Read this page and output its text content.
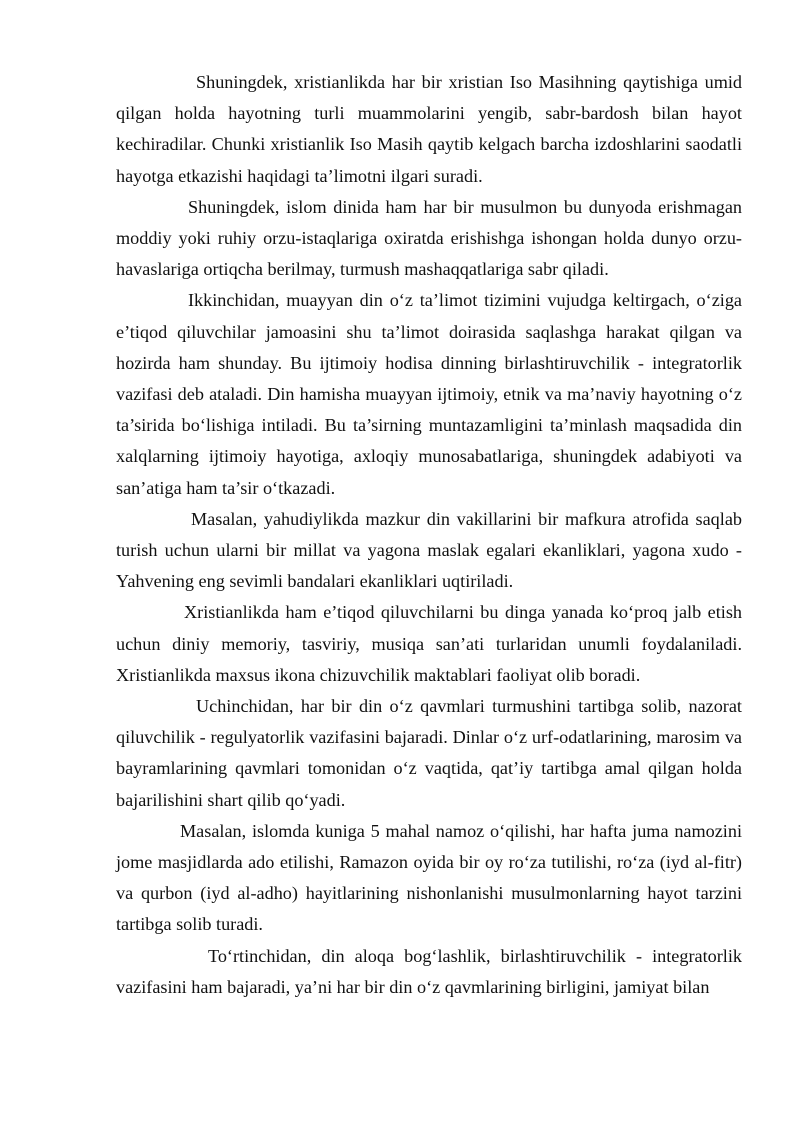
Shuningdek, xristianlikda har bir xristian Iso Masihning qaytishiga umid qilgan holda hayotning turli muammolarini yengib, sabr-bardosh bilan hayot kechiradilar. Chunki xristianlik Iso Masih qaytib kelgach barcha izdoshlarini saodatli hayotga etkazishi haqidagi ta’limotni ilgari suradi.

Shuningdek, islom dinida ham har bir musulmon bu dunyoda erishmagan moddiy yoki ruhiy orzu-istaqlariga oxiratda erishishga ishongan holda dunyo orzu-havaslariga ortiqcha berilmay, turmush mashaqqatlariga sabr qiladi.

Ikkinchidan, muayyan din o‘z ta’limot tizimini vujudga keltirgach, o‘ziga e’tiqod qiluvchilar jamoasini shu ta’limot doirasida saqlashga harakat qilgan va hozirda ham shunday. Bu ijtimoiy hodisa dinning birlashtiruvchilik - integratorlik vazifasi deb ataladi. Din hamisha muayyan ijtimoiy, etnik va ma’naviy hayotning o‘z ta’sirida bo‘lishiga intiladi. Bu ta’sirning muntazamligini ta’minlash maqsadida din xalqlarning ijtimoiy hayotiga, axloqiy munosabatlariga, shuningdek adabiyoti va san’atiga ham ta’sir o‘tkazadi.

Masalan, yahudiylikda mazkur din vakillarini bir mafkura atrofida saqlab turish uchun ularni bir millat va yagona maslak egalari ekanliklari, yagona xudo - Yahvening eng sevimli bandalari ekanliklari uqtiriladi.

Xristianlikda ham e’tiqod qiluvchilarni bu dinga yanada ko‘proq jalb etish uchun diniy memoriy, tasviriy, musiqa san’ati turlaridan unumli foydalaniladi. Xristianlikda maxsus ikona chizuvchilik maktablari faoliyat olib boradi.

Uchinchidan, har bir din o‘z qavmlari turmushini tartibga solib, nazorat qiluvchilik - regulyatorlik vazifasini bajaradi. Dinlar o‘z urf-odatlarining, marosim va bayramlarining qavmlari tomonidan o‘z vaqtida, qat’iy tartibga amal qilgan holda bajarilishini shart qilib qo‘yadi.

Masalan, islomda kuniga 5 mahal namoz o‘qilishi, har hafta juma namozini jome masjidlarda ado etilishi, Ramazon oyida bir oy ro‘za tutilishi, ro‘za (iyd al-fitr) va qurbon (iyd al-adho) hayitlarining nishonlanishi musulmonlarning hayot tarzini tartibga solib turadi.

To‘rtinchidan, din aloqa bog‘lashlik, birlashtiruvchilik - integratorlik vazifasini ham bajaradi, ya’ni har bir din o‘z qavmlarining birligini, jamiyat bilan
